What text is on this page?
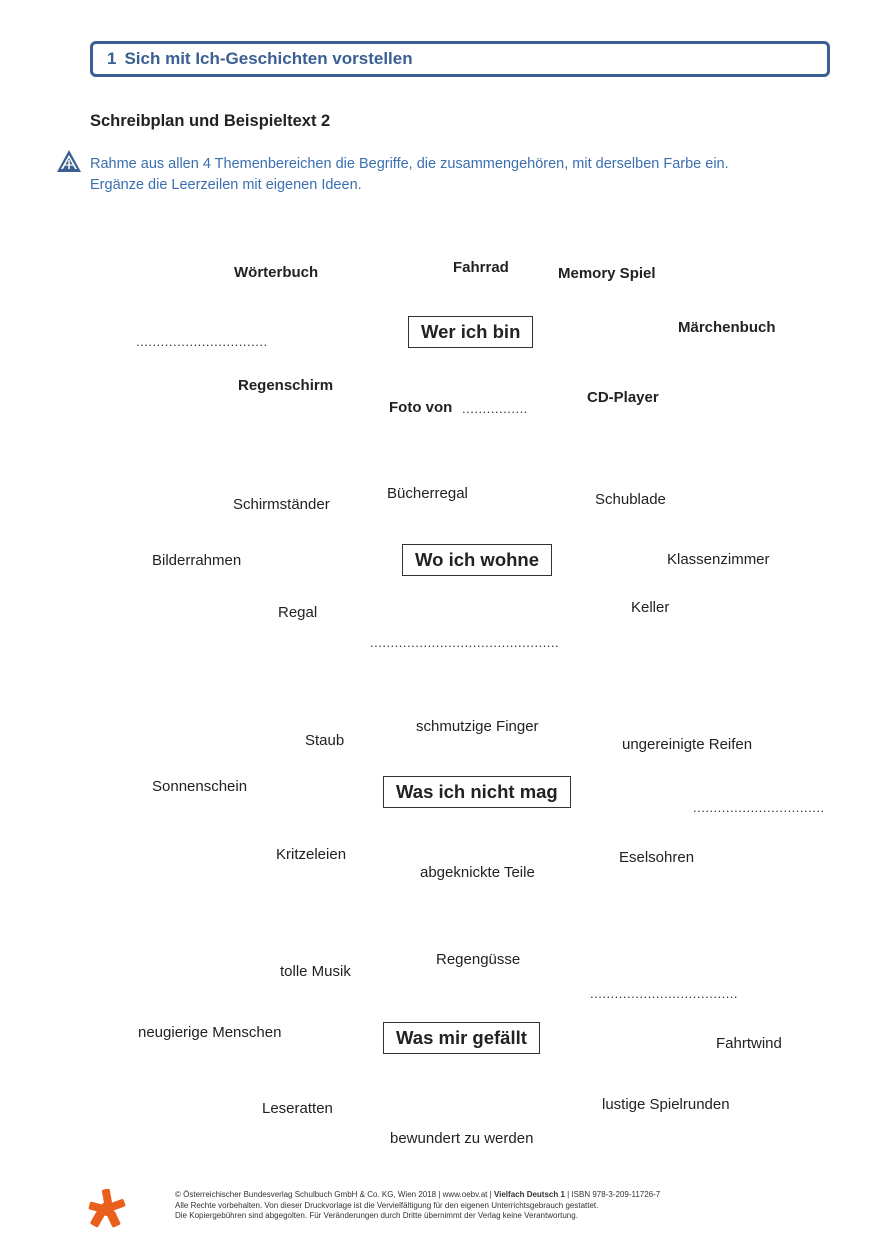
1 Sich mit Ich-Geschichten vorstellen
Schreibplan und Beispieltext 2
Rahme aus allen 4 Themenbereichen die Begriffe, die zusammengehören, mit derselben Farbe ein.
Ergänze die Leerzeilen mit eigenen Ideen.
Wörterbuch	Fahrrad	Memory Spiel
Märchenbuch
................................	Wer ich bin
Regenschirm
Foto von ................
CD-Player
Bücherregal
Schirmständer	Schublade
Bilderrahmen	Wo ich wohne	Klassenzimmer
Regal	Keller
..............................................
schmutzige Finger
Staub	ungereinigte Reifen
Sonnenschein	Was ich nicht mag
................................
Kritzeleien	Eselsohren
abgeknickte Teile
Regengüsse
tolle Musik
....................................
neugierige Menschen	Was mir gefällt	Fahrtwind
lustige Spielrunden
Leseratten
bewundert zu werden
© Österreichischer Bundesverlag Schulbuch GmbH & Co. KG, Wien 2018 | www.oebv.at | Vielfach Deutsch 1 | ISBN 978-3-209-11726-7
Alle Rechte vorbehalten. Von dieser Druckvorlage ist die Vervielfältigung für den eigenen Unterrichtsgebrauch gestattet.
Die Kopiergebühren sind abgegolten. Für Veränderungen durch Dritte übernimmt der Verlag keine Verantwortung.
